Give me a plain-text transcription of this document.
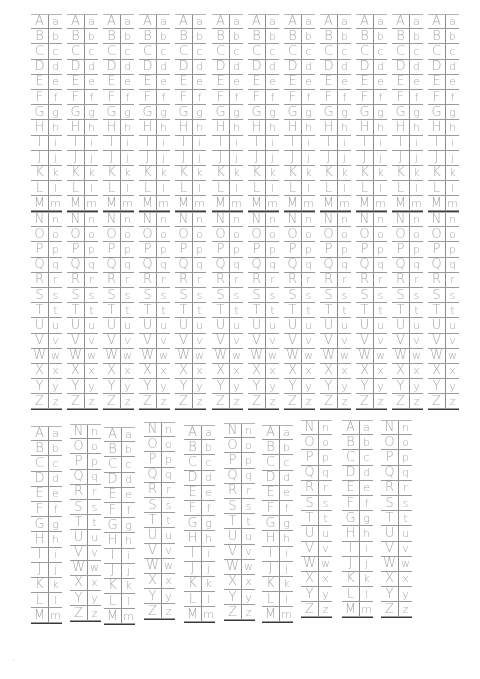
A a
B b
C c
D d
E e
F f
G g
H h
I	i
J	j
K k
L l
M m
A a
B b
C c
D d
E e
F f
G g
H h
I	i
J	j
K k
L l
M m
A a
B b
C c
D d
E e
F f
G g
H h
I	i
J	j
K k
L l
M m
A a
B b
C c
D d
E e
F f
G g
H h
I	i
J	j
K k
L l
M m
A a
B b
C c
D d
E e
F f
G g
H h
I	i
J	j
K k
L l
M m
A a
B b
C c
D d
E e
F f
G g
H h
I	i
J	j
K k
L l
M m
A a
B b
C c
D d
E e
F f
G g
H h
I	i
J	j
K k
L l
M m
A a
B b
C c
D d
E e
F f
G g
H h
I	i
J	j
K k
L l
M m
A a
B b
C c
D d
E e
F f
G g
H h
I	i
J	j
K k
L l
M m
A a
B b
C c
D d
E e
F f
G g
H h
I	i
J	j
K k
L l
M m
A a
B b
C c
D d
E e
F f
G g
H h
I	i
J	j
K k
L l
M m
A a
B b
C c
D d
E e
F f
G g
H h
I	i
J	j
K k
L l
M m
N n
O o
P p
Q q
R r
S s
T t
U u
V v
W w
X x
Y y
Z z
N n
O o
P p
Q q
R r
S s
T t
U u
V v
W w
X x
Y y
Z z
N n
O o
P p
Q q
R r
S s
T t
U u
V v
W w
X x
Y y
Z z
N n
O o
P p
Q q
R r
S s
T t
U u
V v
W w
X x
Y y
Z z
N n
O o
P p
Q q
R r
S s
T t
U u
V v
W w
X x
Y y
Z z
N n
O o
P p
Q q
R r
S s
T t
U u
V v
W w
X x
Y y
Z z
N n
O o
P p
Q q
R r
S s
T t
U u
V v
W w
X x
Y y
Z z
N n
O o
P p
Q q
R r
S s
T t
U u
V v
W w
X x
Y y
Z z
N n
O o
P p
Q q
R r
S s
T t
U u
V v
W w
X x
Y y
Z z
N n
O o
P p
Q q
R r
S s
T t
U u
V v
W w
X x
Y y
Z z
N n
O o
P p
Q q
R r
S s
T t
U u
V v
W w
X x
Y y
Z z
N n
O o
P p
Q q
R r
S s
T t
U u
V v
W w
X x
Y y
Z z
A a
B b
C c
D d
E e
F f
G g
H h
I	i
J	j
K k
L l
M m
N n
O o
P p
Q q
R r
S s
T t
U u
V v
W w
X x
Y y
Z z
A a
B b
C c
D d
E e
F f
G g
H h
I	i
J	j
K k
L l
M m
N n
O o
P p
Q q
R r
S s
T t
U u
V v
W w
X x
Y y
Z z
A a
B b
C c
D d
E e
F f
G g
H h
I	i
J	j
K k
L l
M m
N n
O o
P p
Q q
R r
S s
T t
U u
V v
W w
X x
Y y
Z z
A a
B b
C c
D d
E e
F f
G g
H h
I	i
J	j
K k
L l
M m
N n
O o
P p
Q q
R r
S s
T t
U u
V v
W w
X x
Y y
Z z
A a
B b
C c
D d
E e
F f
G g
H h
I	i
J	j
K k
L l
M m
N n
O o
P p
Q q
R r
S s
T t
U u
V v
W w
X x
Y y
Z z
